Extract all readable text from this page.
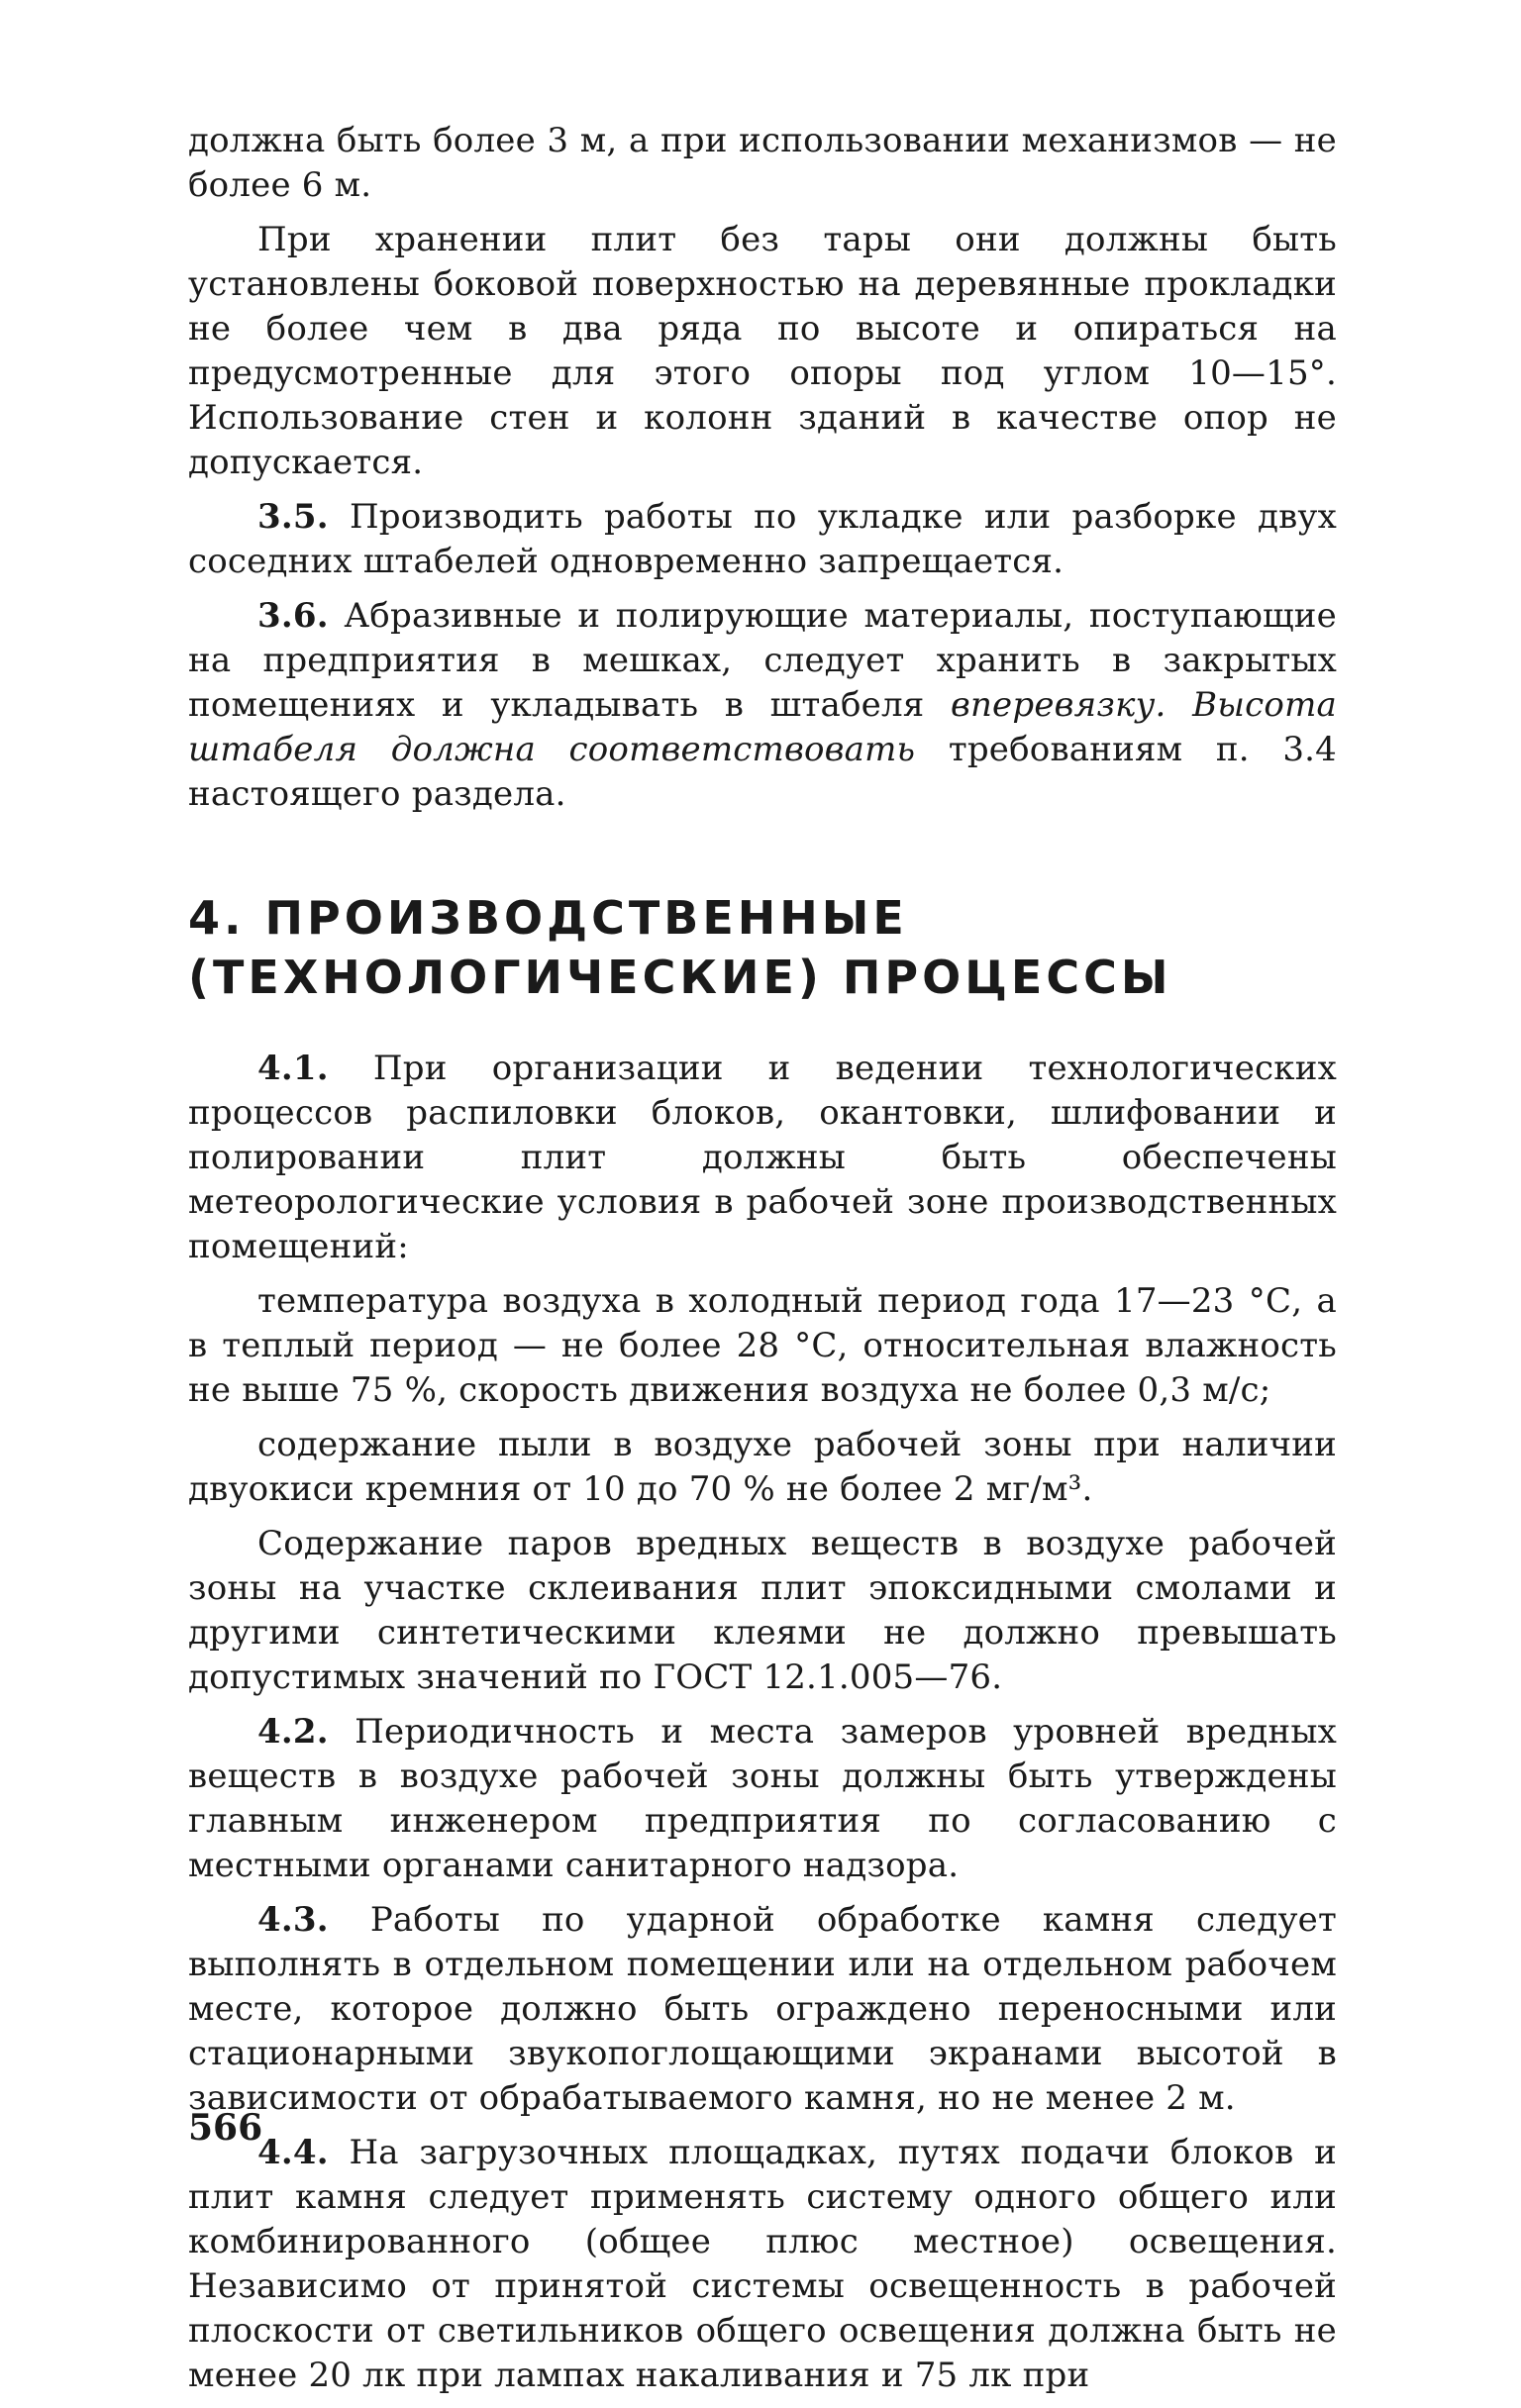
должна быть более 3 м, а при использовании механизмов — не более 6 м.

При хранении плит без тары они должны быть установлены боковой поверхностью на деревянные прокладки не более чем в два ряда по высоте и опираться на предусмотренные для этого опоры под углом 10—15°. Использование стен и колонн зданий в качестве опор не допускается.

3.5. Производить работы по укладке или разборке двух соседних штабелей одновременно запрещается.

3.6. Абразивные и полирующие материалы, поступающие на предприятия в мешках, следует хранить в закрытых помещениях и укладывать в штабеля вперевязку. Высота штабеля должна соответствовать требованиям п. 3.4 настоящего раздела.

4. ПРОИЗВОДСТВЕННЫЕ
(ТЕХНОЛОГИЧЕСКИЕ) ПРОЦЕССЫ

4.1. При организации и ведении технологических процессов распиловки блоков, окантовки, шлифовании и полировании плит должны быть обеспечены метеорологические условия в рабочей зоне производственных помещений:

температура воздуха в холодный период года 17—23 °С, а в теплый период — не более 28 °С, относительная влажность не выше 75 %, скорость движения воздуха не более 0,3 м/с;

содержание пыли в воздухе рабочей зоны при наличии двуокиси кремния от 10 до 70 % не более 2 мг/м³.

Содержание паров вредных веществ в воздухе рабочей зоны на участке склеивания плит эпоксидными смолами и другими синтетическими клеями не должно превышать допустимых значений по ГОСТ 12.1.005—76.

4.2. Периодичность и места замеров уровней вредных веществ в воздухе рабочей зоны должны быть утверждены главным инженером предприятия по согласованию с местными органами санитарного надзора.

4.3. Работы по ударной обработке камня следует выполнять в отдельном помещении или на отдельном рабочем месте, которое должно быть ограждено переносными или стационарными звукопоглощающими экранами высотой в зависимости от обрабатываемого камня, но не менее 2 м.

4.4. На загрузочных площадках, путях подачи блоков и плит камня следует применять систему одного общего или комбинированного (общее плюс местное) освещения. Независимо от принятой системы освещенность в рабочей плоскости от светильников общего освещения должна быть не менее 20 лк при лампах накаливания и 75 лк при

566
